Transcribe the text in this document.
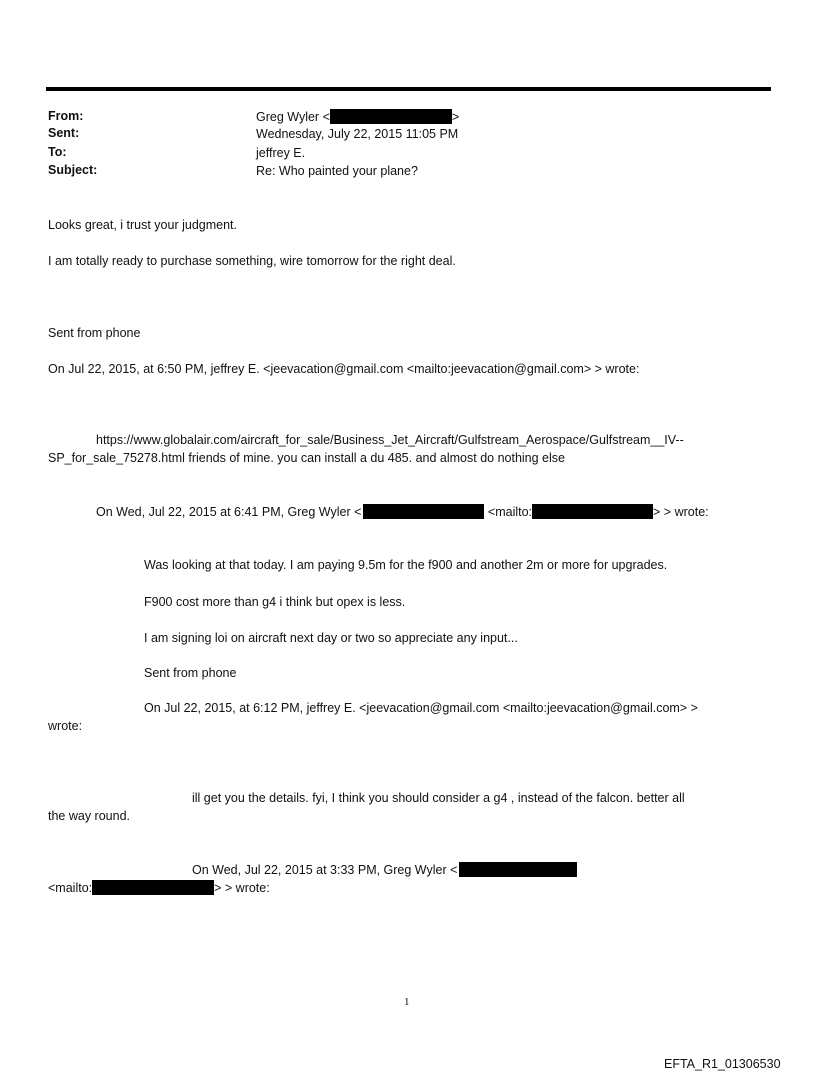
From:	Greg Wyler <	>
Sent:	Wednesday, July 22, 2015 11:05 PM
To:	jeffrey E.
Subject:	Re: Who painted your plane?
Looks great, i trust your judgment.
I am totally ready to purchase something, wire tomorrow for the right deal.
Sent from phone
On Jul 22, 2015, at 6:50 PM, jeffrey E. <jeevacation@gmail.com <mailto:jeevacation@gmail.com> > wrote:
https://www.globalair.com/aircraft_for_sale/Business_Jet_Aircraft/Gulfstream_Aerospace/Gulfstream__IV--
SP_for_sale_75278.html friends of mine. you can install a du 485. and almost do nothing else
On Wed, Jul 22, 2015 at 6:41 PM, Greg Wyler <	<mailto:	> > wrote:
Was looking at that today. I am paying 9.5m for the f900 and another 2m or more for upgrades.
F900 cost more than g4 i think but opex is less.
I am signing loi on aircraft next day or two so appreciate any input...
Sent from phone
On Jul 22, 2015, at 6:12 PM, jeffrey E. <jeevacation@gmail.com <mailto:jeevacation@gmail.com> >
wrote:
ill get you the details. fyi, I think you should consider a g4 , instead of the falcon. better all
the way round.
On Wed, Jul 22, 2015 at 3:33 PM, Greg Wyler <
<mailto:	> > wrote:
1
EFTA_R1_01306530
